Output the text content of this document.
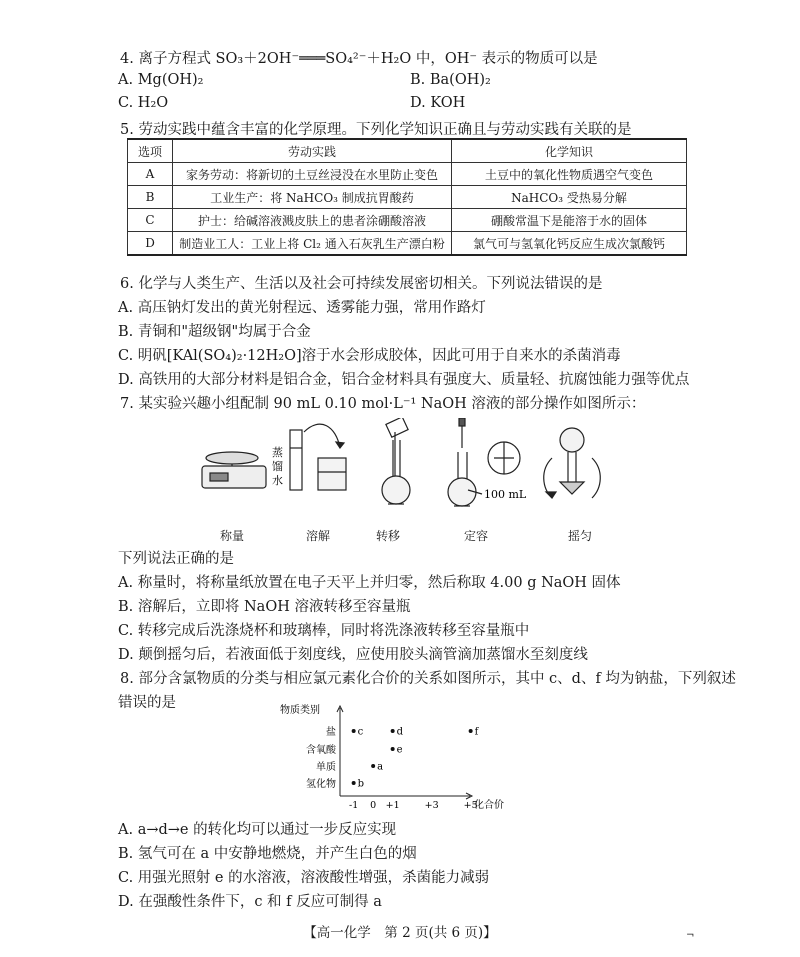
4. 离子方程式 SO₃＋2OH⁻═══SO₄²⁻＋H₂O 中，OH⁻ 表示的物质可以是
A. Mg(OH)₂	B. Ba(OH)₂
C. H₂O	D. KOH
5. 劳动实践中蕴含丰富的化学原理。下列化学知识正确且与劳动实践有关联的是
选项	劳动实践	化学知识
A	家务劳动：将新切的土豆丝浸没在水里防止变色	土豆中的氧化性物质遇空气变色
B	工业生产：将 NaHCO₃ 制成抗胃酸药	NaHCO₃ 受热易分解
C	护士：给碱溶液溅皮肤上的患者涂硼酸溶液	硼酸常温下是能溶于水的固体
D	制造业工人：工业上将 Cl₂ 通入石灰乳生产漂白粉	氯气可与氢氧化钙反应生成次氯酸钙
6. 化学与人类生产、生活以及社会可持续发展密切相关。下列说法错误的是
A. 高压钠灯发出的黄光射程远、透雾能力强，常用作路灯
B. 青铜和"超级钢"均属于合金
C. 明矾[KAl(SO₄)₂·12H₂O]溶于水会形成胶体，因此可用于自来水的杀菌消毒
D. 高铁用的大部分材料是铝合金，铝合金材料具有强度大、质量轻、抗腐蚀能力强等优点
7. 某实验兴趣小组配制 90 mL 0.10 mol·L⁻¹ NaOH 溶液的部分操作如图所示：
蒸
馏
水
100 mL
称量	溶解	转移	定容	摇匀
下列说法正确的是
A. 称量时，将称量纸放置在电子天平上并归零，然后称取 4.00 g NaOH 固体
B. 溶解后，立即将 NaOH 溶液转移至容量瓶
C. 转移完成后洗涤烧杯和玻璃棒，同时将洗涤液转移至容量瓶中
D. 颠倒摇匀后，若液面低于刻度线，应使用胶头滴管滴加蒸馏水至刻度线
8. 部分含氯物质的分类与相应氯元素化合价的关系如图所示，其中 c、d、f 均为钠盐，下列叙述
错误的是	物质类别
化合价
氢化物
单质
含氧酸
盐
-1 0 +1	+3	+5
c	d	f
e
a
b
A. a→d→e 的转化均可以通过一步反应实现
B. 氢气可在 a 中安静地燃烧，并产生白色的烟
C. 用强光照射 e 的水溶液，溶液酸性增强，杀菌能力减弱
D. 在强酸性条件下，c 和 f 反应可制得 a
【高一化学　第 2 页(共 6 页)】	¬
